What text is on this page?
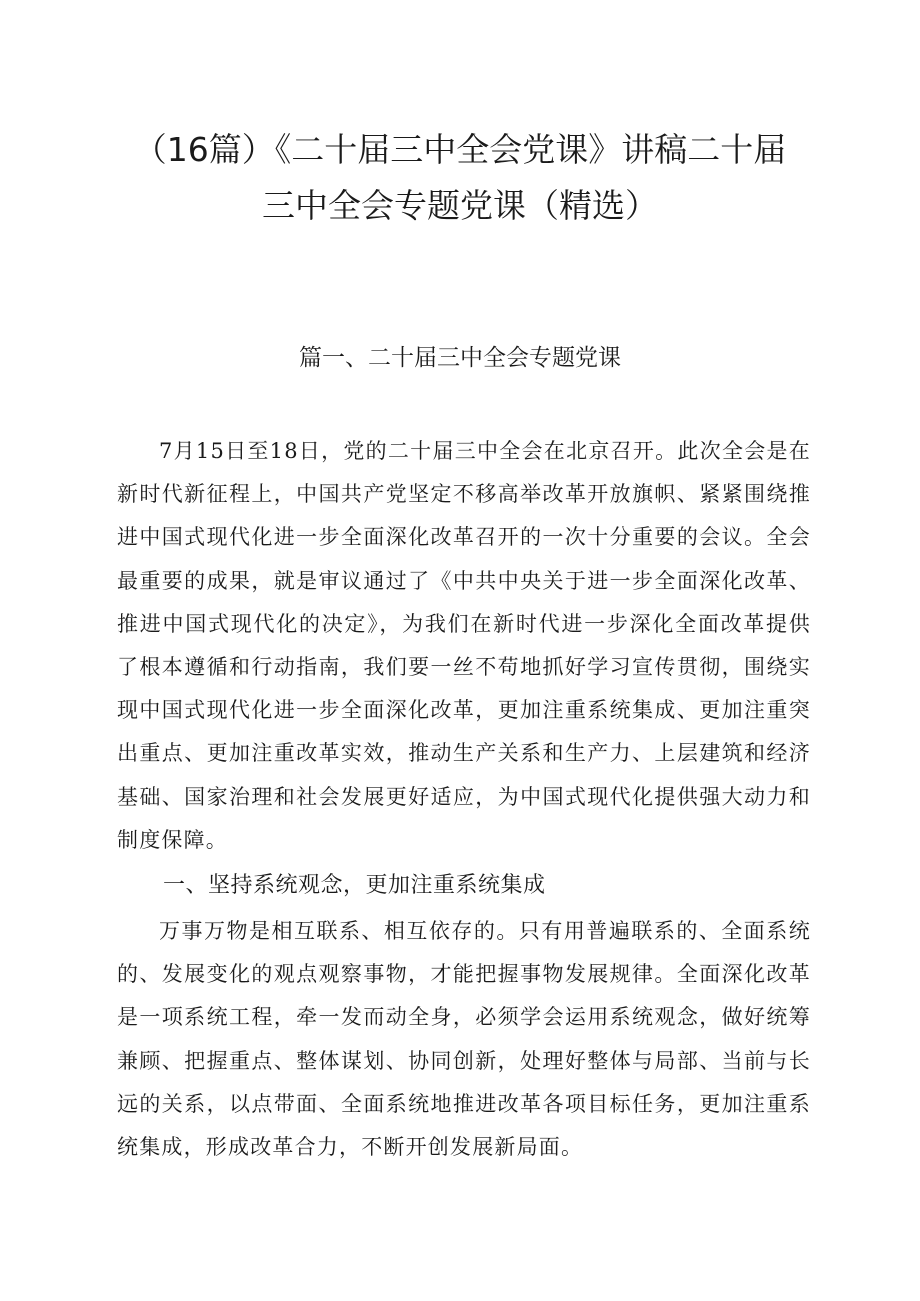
（16篇）《二十届三中全会党课》讲稿二十届
三中全会专题党课（精选）
篇一、二十届三中全会专题党课

7月15日至18日，党的二十届三中全会在北京召开。此次全会是在新时代新征程上，中国共产党坚定不移高举改革开放旗帜、紧紧围绕推进中国式现代化进一步全面深化改革召开的一次十分重要的会议。全会最重要的成果，就是审议通过了《中共中央关于进一步全面深化改革、推进中国式现代化的决定》，为我们在新时代进一步深化全面改革提供了根本遵循和行动指南，我们要一丝不苟地抓好学习宣传贯彻，围绕实现中国式现代化进一步全面深化改革，更加注重系统集成、更加注重突出重点、更加注重改革实效，推动生产关系和生产力、上层建筑和经济基础、国家治理和社会发展更好适应，为中国式现代化提供强大动力和制度保障。

一、坚持系统观念，更加注重系统集成

万事万物是相互联系、相互依存的。只有用普遍联系的、全面系统的、发展变化的观点观察事物，才能把握事物发展规律。全面深化改革是一项系统工程，牵一发而动全身，必须学会运用系统观念，做好统筹兼顾、把握重点、整体谋划、协同创新，处理好整体与局部、当前与长远的关系，以点带面、全面系统地推进改革各项目标任务，更加注重系统集成，形成改革合力，不断开创发展新局面。
